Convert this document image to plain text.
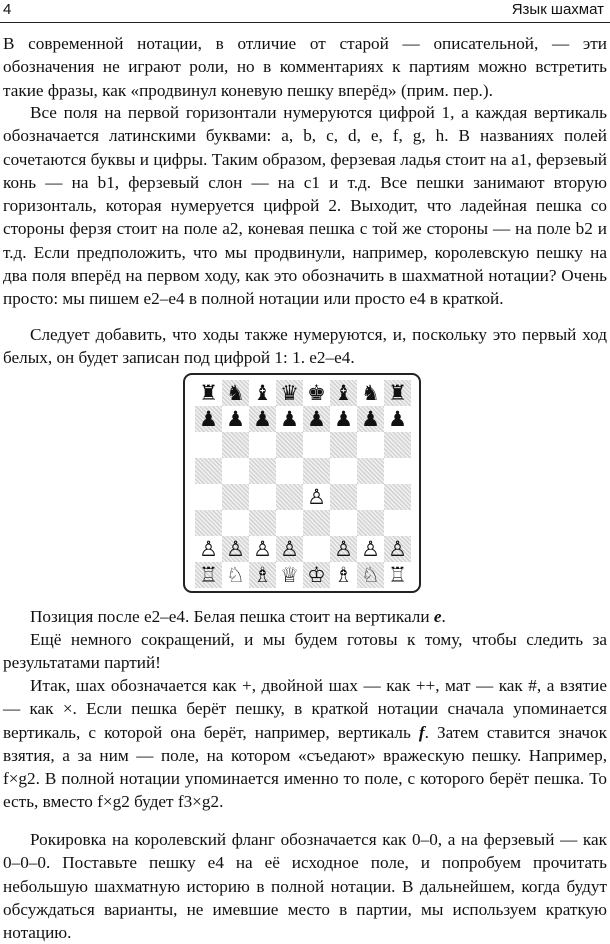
4	Язык шахмат

В современной нотации, в отличие от старой — описательной, — эти обозначения не играют роли, но в комментариях к партиям можно встретить такие фразы, как «продвинул коневую пешку вперёд» (прим. пер.).

Все поля на первой горизонтали нумеруются цифрой 1, а каждая вертикаль обозначается латинскими буквами: a, b, c, d, e, f, g, h. В названиях полей сочетаются буквы и цифры. Таким образом, ферзевая ладья стоит на a1, ферзевый конь — на b1, ферзевый слон — на c1 и т.д. Все пешки занимают вторую горизонталь, которая нумеруется цифрой 2. Выходит, что ладейная пешка со стороны ферзя стоит на поле a2, коневая пешка с той же стороны — на поле b2 и т.д. Если предположить, что мы продвинули, например, королевскую пешку на два поля вперёд на первом ходу, как это обозначить в шахматной нотации? Очень просто: мы пишем e2–e4 в полной нотации или просто e4 в краткой.

Следует добавить, что ходы также нумеруются, и, поскольку это первый ход белых, он будет записан под цифрой 1: 1. e2–e4.

♜ ♞ ♝ ♛ ♚ ♝ ♞ ♜
♟ ♟ ♟ ♟ ♟ ♟ ♟ ♟
♙
♙ ♙ ♙ ♙ ♙ ♙ ♙
♖ ♘ ♗ ♕ ♔ ♗ ♘ ♖

Позиция после e2–e4. Белая пешка стоит на вертикали e.

Ещё немного сокращений, и мы будем готовы к тому, чтобы следить за результатами партий!

Итак, шах обозначается как +, двойной шах — как ++, мат — как #, а взятие — как ×. Если пешка берёт пешку, в краткой нотации сначала упоминается вертикаль, с которой она берёт, например, вертикаль f. Затем ставится значок взятия, а за ним — поле, на котором «съедают» вражескую пешку. Например, f×g2. В полной нотации упоминается именно то поле, с которого берёт пешка. То есть, вместо f×g2 будет f3×g2.

Рокировка на королевский фланг обозначается как 0–0, а на ферзевый — как 0–0–0. Поставьте пешку e4 на её исходное поле, и попробуем прочитать небольшую шахматную историю в полной нотации. В дальнейшем, когда будут обсуждаться варианты, не имевшие место в партии, мы используем краткую нотацию.
